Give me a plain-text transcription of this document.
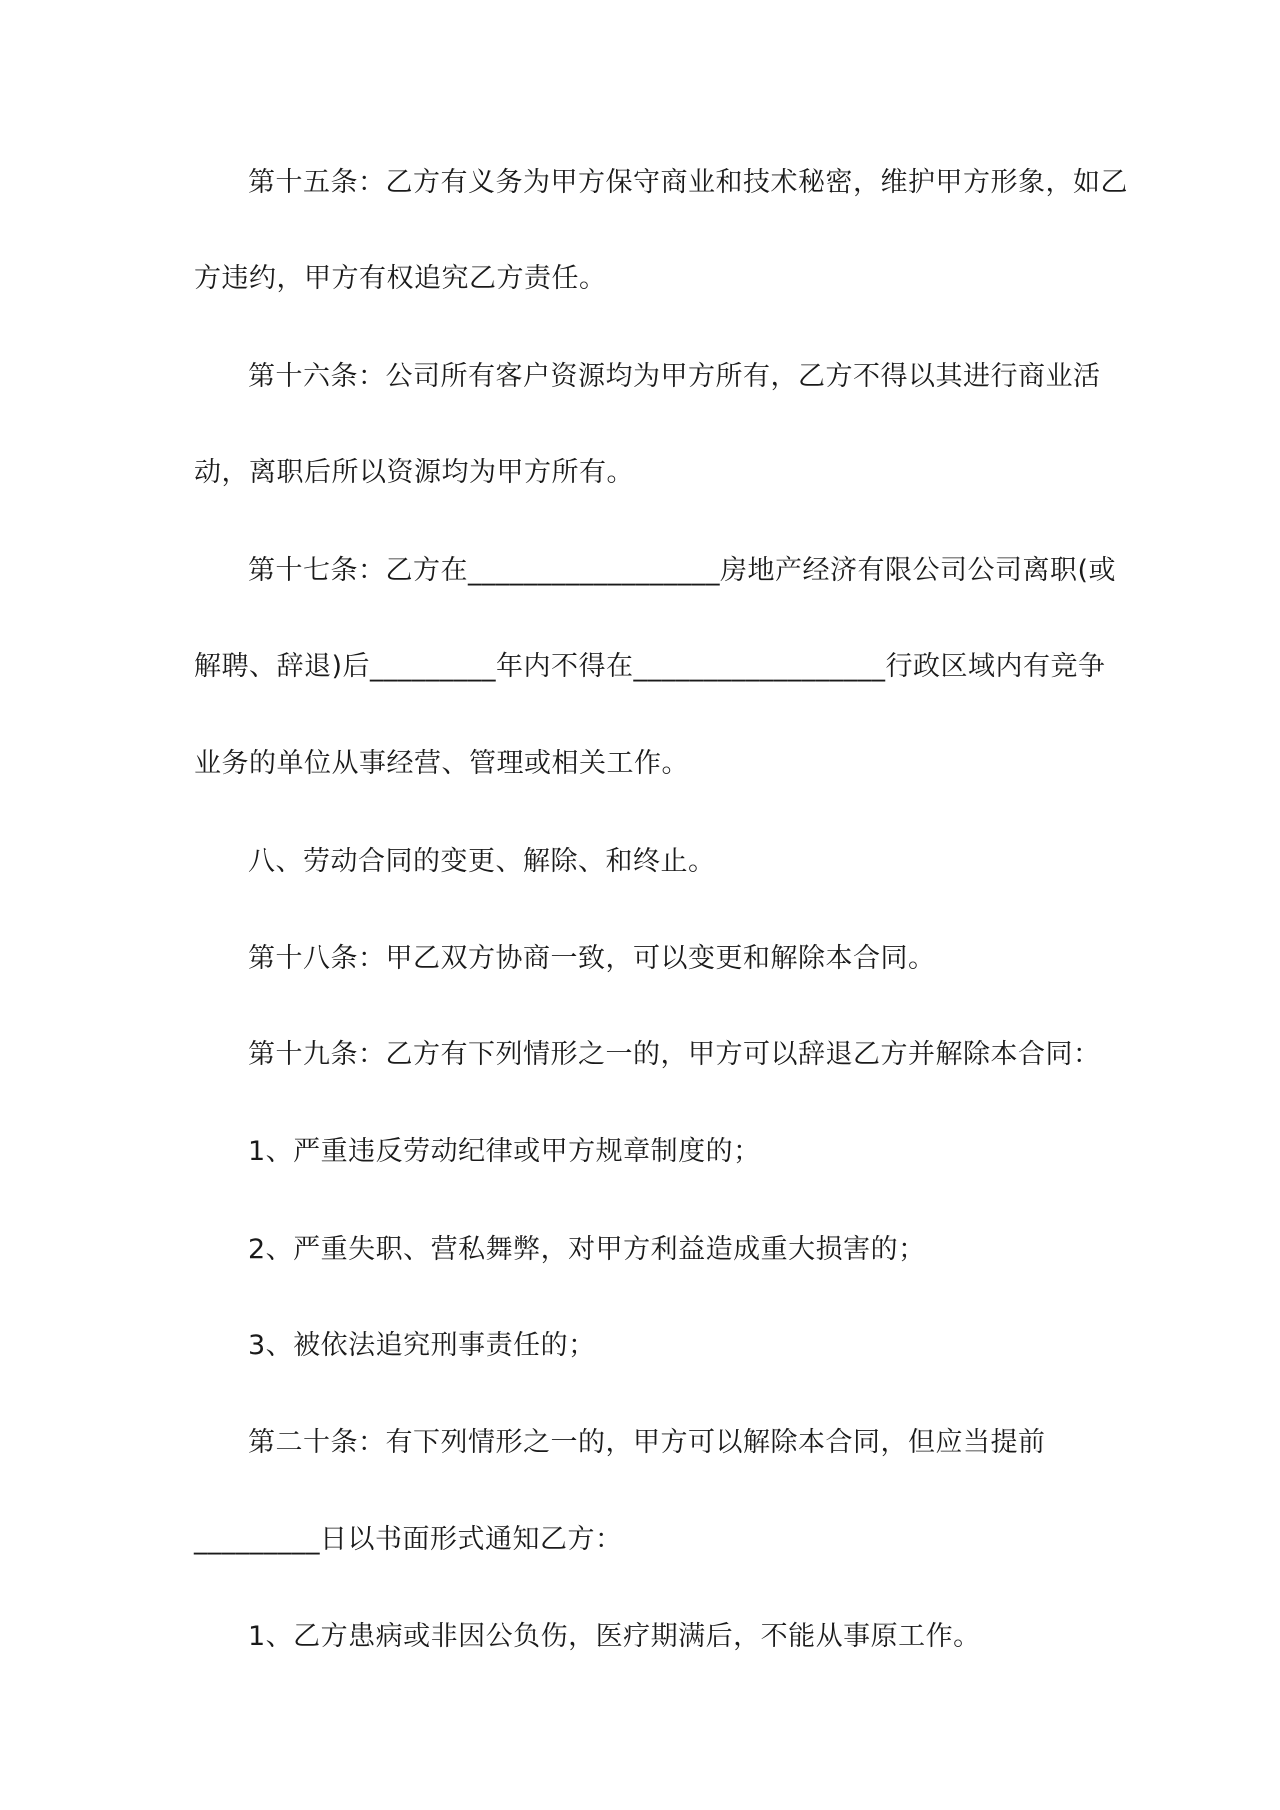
第十五条：乙方有义务为甲方保守商业和技术秘密，维护甲方形象，如乙
方违约，甲方有权追究乙方责任。
第十六条：公司所有客户资源均为甲方所有，乙方不得以其进行商业活
动，离职后所以资源均为甲方所有。
第十七条：乙方在__________________房地产经济有限公司公司离职(或
解聘、辞退)后_________年内不得在__________________行政区域内有竞争
业务的单位从事经营、管理或相关工作。
八、劳动合同的变更、解除、和终止。
第十八条：甲乙双方协商一致，可以变更和解除本合同。
第十九条：乙方有下列情形之一的，甲方可以辞退乙方并解除本合同：
1、严重违反劳动纪律或甲方规章制度的；
2、严重失职、营私舞弊，对甲方利益造成重大损害的；
3、被依法追究刑事责任的；
第二十条：有下列情形之一的，甲方可以解除本合同，但应当提前
_________日以书面形式通知乙方：
1、乙方患病或非因公负伤，医疗期满后，不能从事原工作。
